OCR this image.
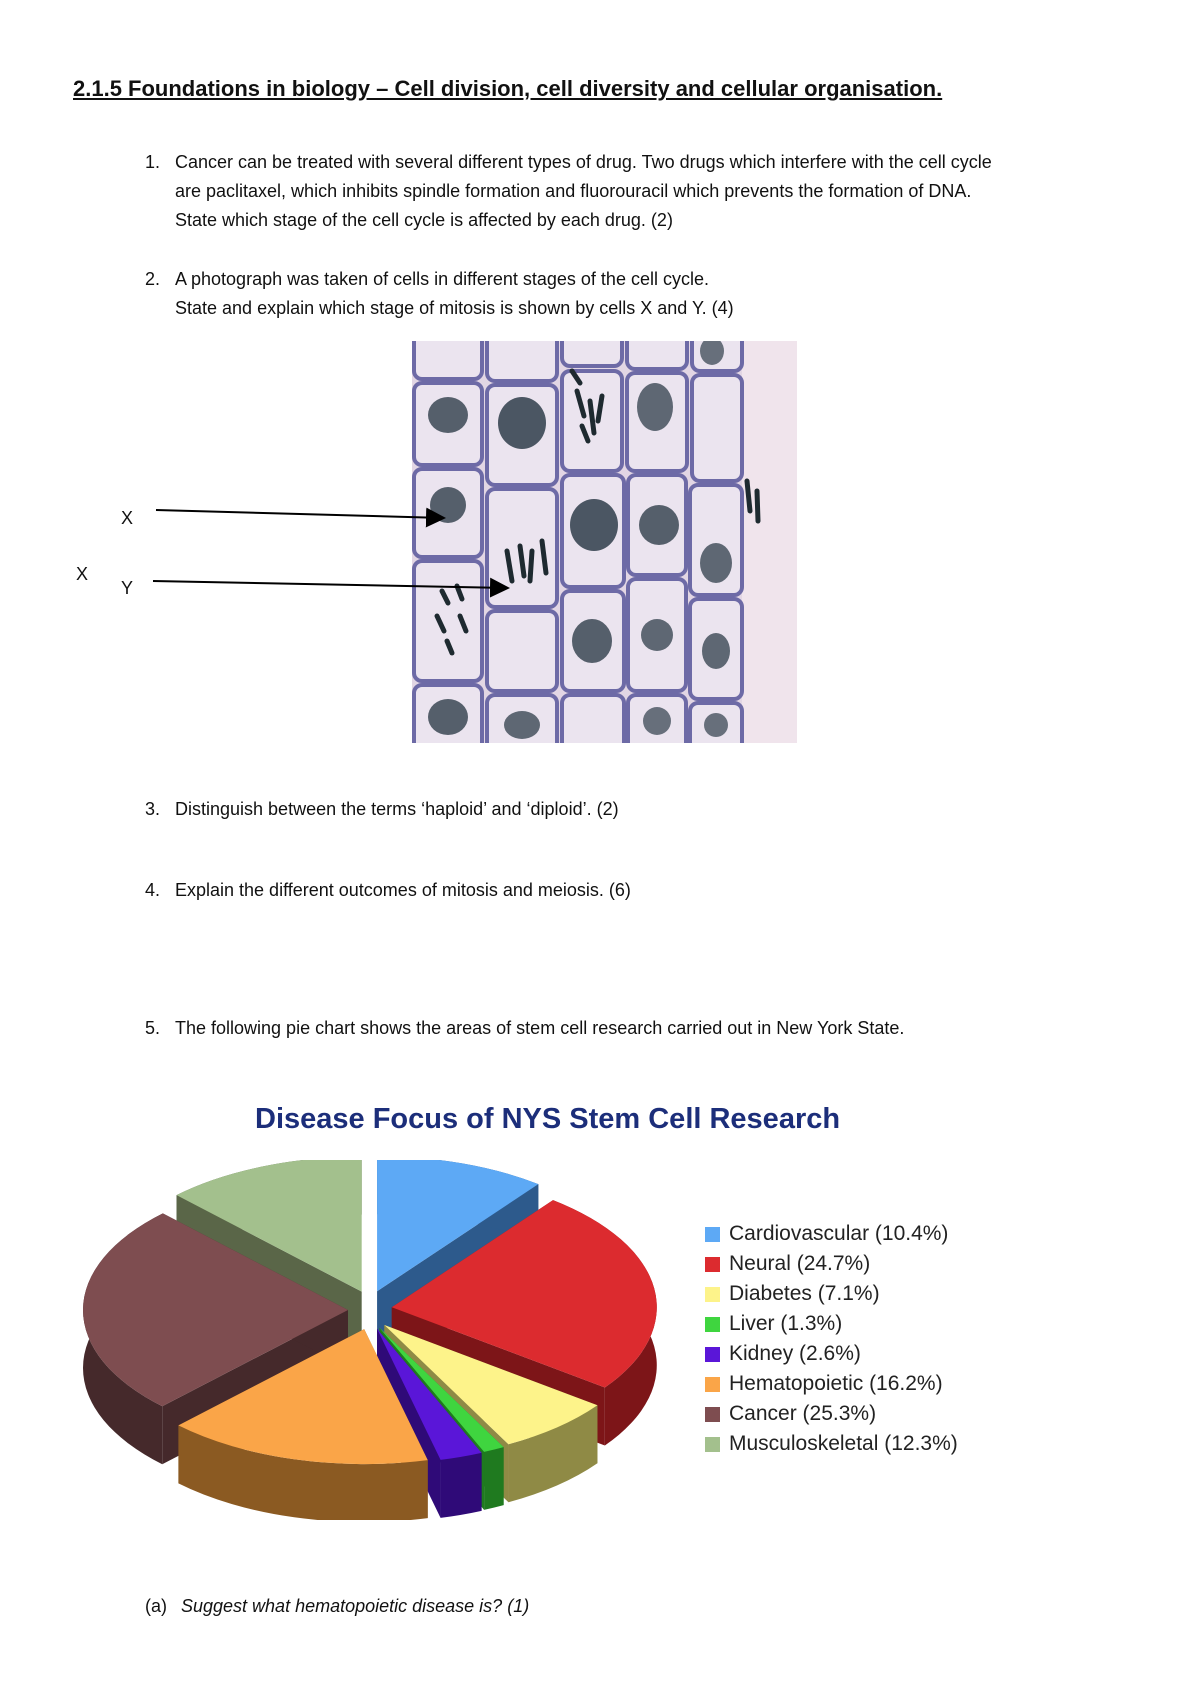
2.1.5 Foundations in biology – Cell division, cell diversity and cellular organisation.
1. Cancer can be treated with several different types of drug. Two drugs which interfere with the cell cycle
are paclitaxel, which inhibits spindle formation and fluorouracil which prevents the formation of DNA.
State which stage of the cell cycle is affected by each drug. (2)
2. A photograph was taken of cells in different stages of the cell cycle.
State and explain which stage of mitosis is shown by cells X and Y. (4)
X
Y
X
3. Distinguish between the terms ‘haploid’ and ‘diploid’. (2)
4. Explain the different outcomes of mitosis and meiosis. (6)
5. The following pie chart shows the areas of stem cell research carried out in New York State.
Disease Focus of NYS Stem Cell Research
Cardiovascular (10.4%)
Neural (24.7%)
Diabetes (7.1%)
Liver (1.3%)
Kidney (2.6%)
Hematopoietic (16.2%)
Cancer (25.3%)
Musculoskeletal (12.3%)
(a) Suggest what hematopoietic disease is? (1)
